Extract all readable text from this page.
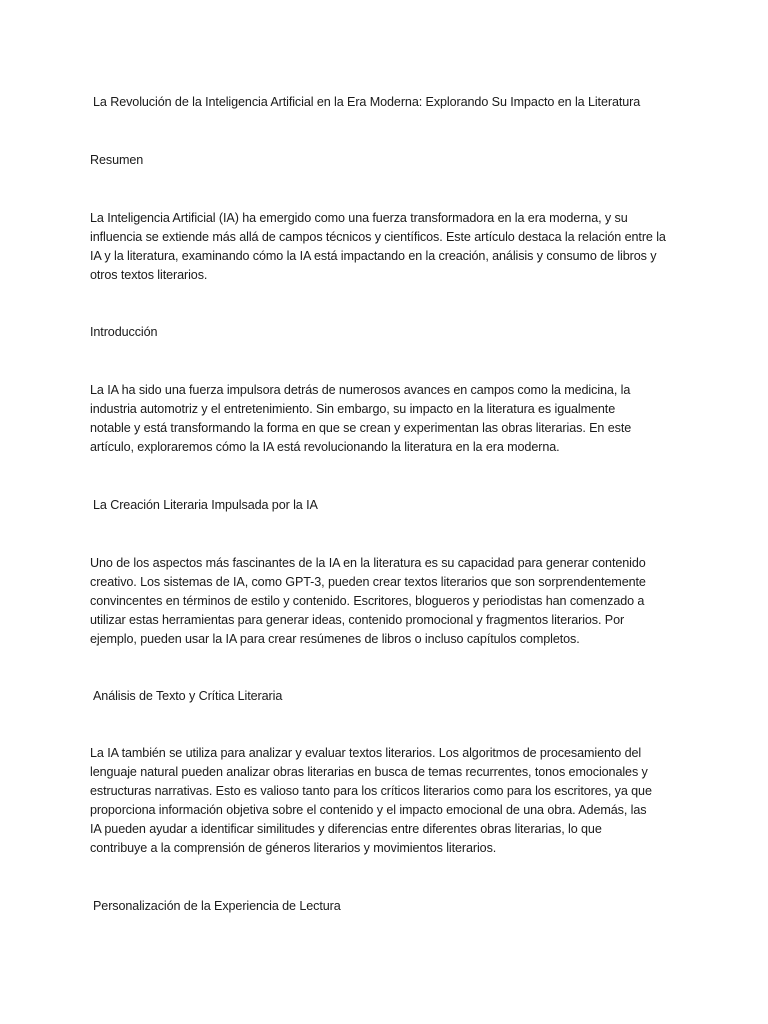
La Revolución de la Inteligencia Artificial en la Era Moderna: Explorando Su Impacto en la Literatura
Resumen
La Inteligencia Artificial (IA) ha emergido como una fuerza transformadora en la era moderna, y su
influencia se extiende más allá de campos técnicos y científicos. Este artículo destaca la relación entre la
IA y la literatura, examinando cómo la IA está impactando en la creación, análisis y consumo de libros y
otros textos literarios.
Introducción
La IA ha sido una fuerza impulsora detrás de numerosos avances en campos como la medicina, la
industria automotriz y el entretenimiento. Sin embargo, su impacto en la literatura es igualmente
notable y está transformando la forma en que se crean y experimentan las obras literarias. En este
artículo, exploraremos cómo la IA está revolucionando la literatura en la era moderna.
La Creación Literaria Impulsada por la IA
Uno de los aspectos más fascinantes de la IA en la literatura es su capacidad para generar contenido
creativo. Los sistemas de IA, como GPT-3, pueden crear textos literarios que son sorprendentemente
convincentes en términos de estilo y contenido. Escritores, blogueros y periodistas han comenzado a
utilizar estas herramientas para generar ideas, contenido promocional y fragmentos literarios. Por
ejemplo, pueden usar la IA para crear resúmenes de libros o incluso capítulos completos.
Análisis de Texto y Crítica Literaria
La IA también se utiliza para analizar y evaluar textos literarios. Los algoritmos de procesamiento del
lenguaje natural pueden analizar obras literarias en busca de temas recurrentes, tonos emocionales y
estructuras narrativas. Esto es valioso tanto para los críticos literarios como para los escritores, ya que
proporciona información objetiva sobre el contenido y el impacto emocional de una obra. Además, las
IA pueden ayudar a identificar similitudes y diferencias entre diferentes obras literarias, lo que
contribuye a la comprensión de géneros literarios y movimientos literarios.
Personalización de la Experiencia de Lectura
